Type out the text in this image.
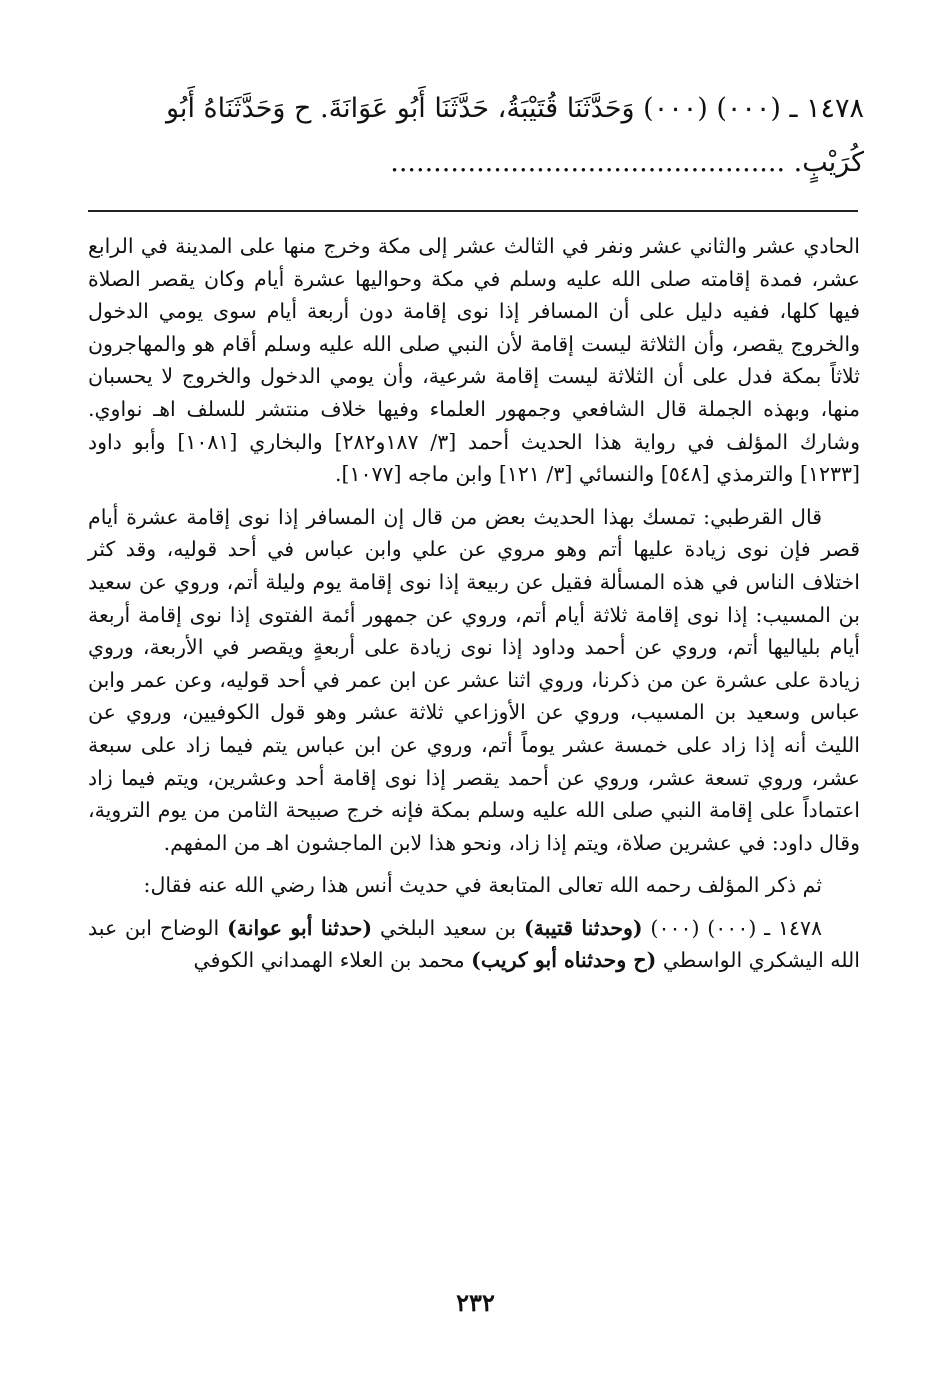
١٤٧٨ ـ (٠٠٠) (٠٠٠) وَحَدَّثَنَا قُتَيْبَةُ، حَدَّثَنَا أَبُو عَوَانَةَ. ح وَحَدَّثَنَاهُ أَبُو كُرَيْبٍ. ..............................................

الحادي عشر والثاني عشر ونفر في الثالث عشر إلى مكة وخرج منها على المدينة في الرابع عشر، فمدة إقامته صلى الله عليه وسلم في مكة وحواليها عشرة أيام وكان يقصر الصلاة فيها كلها، ففيه دليل على أن المسافر إذا نوى إقامة دون أربعة أيام سوى يومي الدخول والخروج يقصر، وأن الثلاثة ليست إقامة لأن النبي صلى الله عليه وسلم أقام هو والمهاجرون ثلاثاً بمكة فدل على أن الثلاثة ليست إقامة شرعية، وأن يومي الدخول والخروج لا يحسبان منها، وبهذه الجملة قال الشافعي وجمهور العلماء وفيها خلاف منتشر للسلف اهـ نواوي. وشارك المؤلف في رواية هذا الحديث أحمد [٣/ ١٨٧و٢٨٢] والبخاري [١٠٨١] وأبو داود [١٢٣٣] والترمذي [٥٤٨] والنسائي [٣/ ١٢١] وابن ماجه [١٠٧٧].

قال القرطبي: تمسك بهذا الحديث بعض من قال إن المسافر إذا نوى إقامة عشرة أيام قصر فإن نوى زيادة عليها أتم وهو مروي عن علي وابن عباس في أحد قوليه، وقد كثر اختلاف الناس في هذه المسألة فقيل عن ربيعة إذا نوى إقامة يوم وليلة أتم، وروي عن سعيد بن المسيب: إذا نوى إقامة ثلاثة أيام أتم، وروي عن جمهور أئمة الفتوى إذا نوى إقامة أربعة أيام بلياليها أتم، وروي عن أحمد وداود إذا نوى زيادة على أربعةٍ ويقصر في الأربعة، وروي زيادة على عشرة عن من ذكرنا، وروي اثنا عشر عن ابن عمر في أحد قوليه، وعن عمر وابن عباس وسعيد بن المسيب، وروي عن الأوزاعي ثلاثة عشر وهو قول الكوفيين، وروي عن الليث أنه إذا زاد على خمسة عشر يوماً أتم، وروي عن ابن عباس يتم فيما زاد على سبعة عشر، وروي تسعة عشر، وروي عن أحمد يقصر إذا نوى إقامة أحد وعشرين، ويتم فيما زاد اعتماداً على إقامة النبي صلى الله عليه وسلم بمكة فإنه خرج صبيحة الثامن من يوم التروية، وقال داود: في عشرين صلاة، ويتم إذا زاد، ونحو هذا لابن الماجشون اهـ من المفهم.

ثم ذكر المؤلف رحمه الله تعالى المتابعة في حديث أنس هذا رضي الله عنه فقال:

١٤٧٨ ـ (٠٠٠) (٠٠٠) (وحدثنا قتيبة) بن سعيد البلخي (حدثنا أبو عوانة) الوضاح ابن عبد الله اليشكري الواسطي (ح وحدثناه أبو كريب) محمد بن العلاء الهمداني الكوفي

٢٣٢
